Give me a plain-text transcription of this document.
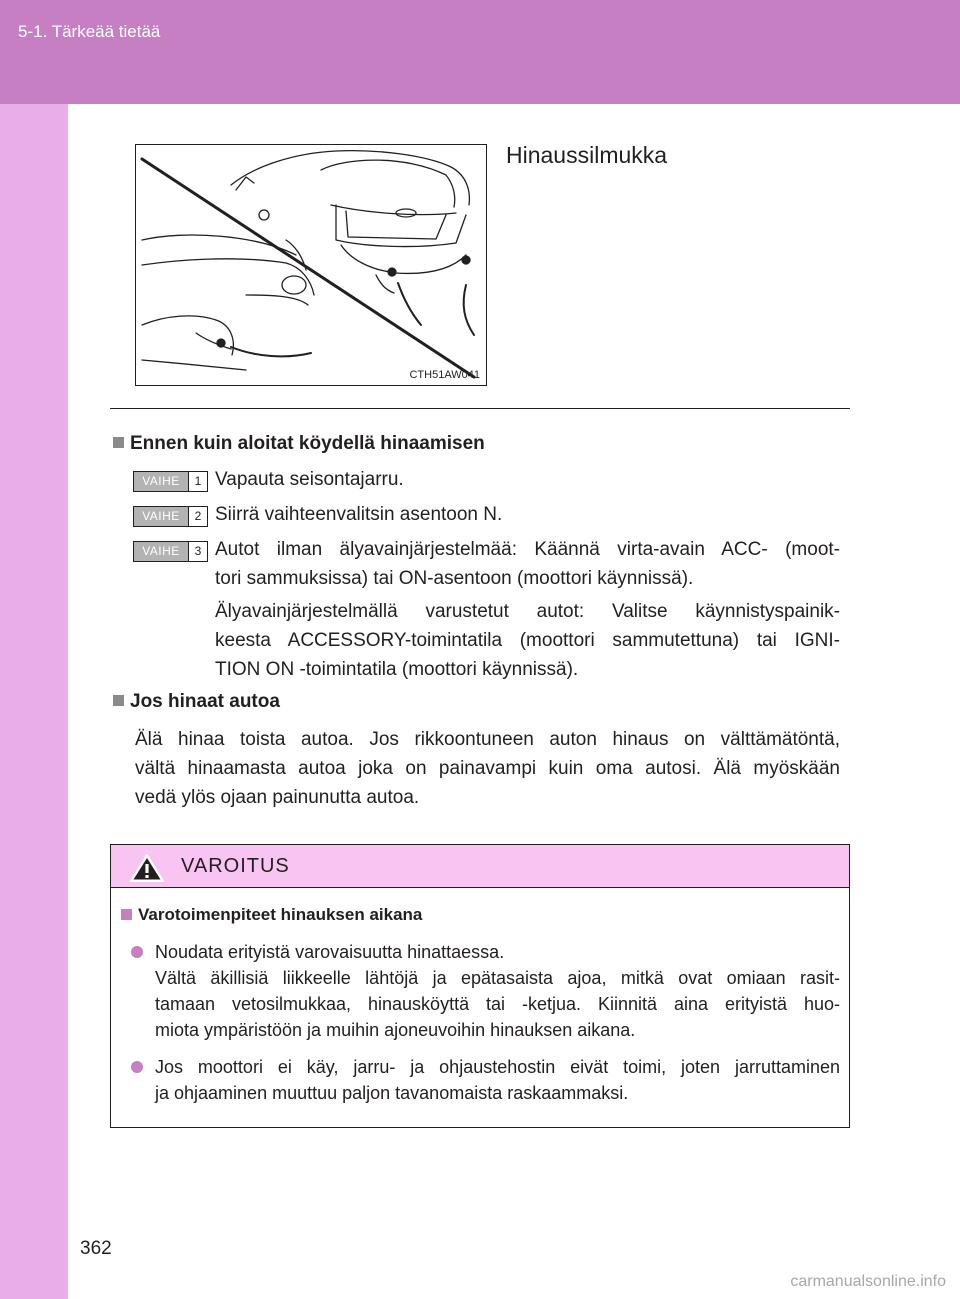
5-1. Tärkeää tietää
CTH51AW041
Hinaussilmukka
Ennen kuin aloitat köydellä hinaamisen
VAIHE	1 Vapauta seisontajarru.
VAIHE	2 Siirrä vaihteenvalitsin asentoon N.
VAIHE	3 Autot ilman älyavainjärjestelmää: Käännä virta-avain ACC- (moot-
tori sammuksissa) tai ON-asentoon (moottori käynnissä).
Älyavainjärjestelmällä varustetut autot: Valitse käynnistyspainik-
keesta ACCESSORY-toimintatila (moottori sammutettuna) tai IGNI-
TION ON -toimintatila (moottori käynnissä).
Jos hinaat autoa
Älä hinaa toista autoa. Jos rikkoontuneen auton hinaus on välttämätöntä,
vältä hinaamasta autoa joka on painavampi kuin oma autosi. Älä myöskään
vedä ylös ojaan painunutta autoa.
VAROITUS
Varotoimenpiteet hinauksen aikana
Noudata erityistä varovaisuutta hinattaessa.
Vältä äkillisiä liikkeelle lähtöjä ja epätasaista ajoa, mitkä ovat omiaan rasit-
tamaan vetosilmukkaa, hinausköyttä tai -ketjua. Kiinnitä aina erityistä huo-
miota ympäristöön ja muihin ajoneuvoihin hinauksen aikana.
Jos moottori ei käy, jarru- ja ohjaustehostin eivät toimi, joten jarruttaminen
ja ohjaaminen muuttuu paljon tavanomaista raskaammaksi.
362
carmanualsonline.info
